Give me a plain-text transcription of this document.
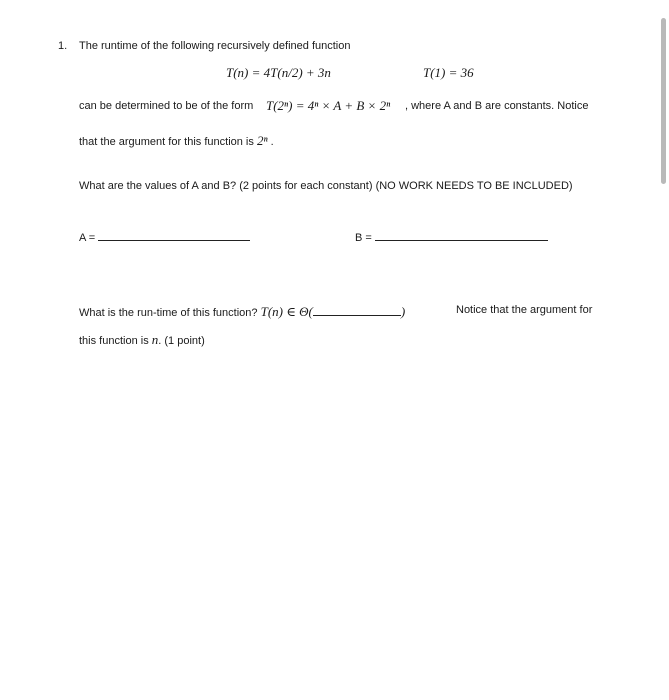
1. The runtime of the following recursively defined function
T(n) = 4T(n/2) + 3n	T(1) = 36
can be determined to be of the form T(2ⁿ) = 4ⁿ × A + B × 2ⁿ , where A and B are constants. Notice
that the argument for this function is 2ⁿ .
What are the values of A and B? (2 points for each constant) (NO WORK NEEDS TO BE INCLUDED)
A =	B =
What is the run-time of this function? T(n) ∈ Θ(	)	Notice that the argument for
this function is n. (1 point)
